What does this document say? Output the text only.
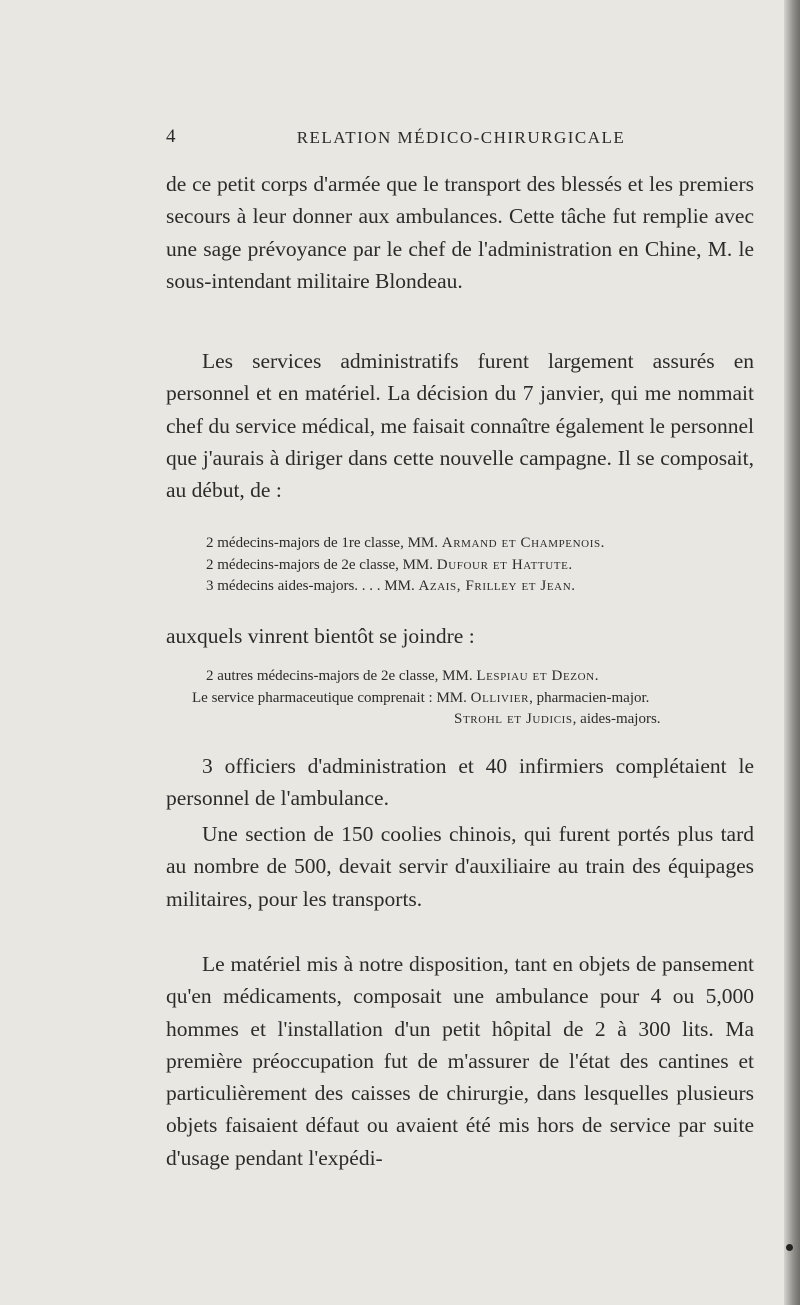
4	RELATION MÉDICO-CHIRURGICALE

de ce petit corps d'armée que le transport des blessés et les premiers secours à leur donner aux ambulances. Cette tâche fut remplie avec une sage prévoyance par le chef de l'administration en Chine, M. le sous-intendant militaire Blondeau.

Les services administratifs furent largement assurés en personnel et en matériel. La décision du 7 janvier, qui me nommait chef du service médical, me faisait connaître également le personnel que j'aurais à diriger dans cette nouvelle campagne. Il se composait, au début, de :

2 médecins-majors de 1re classe, MM. Armand et Champenois.
2 médecins-majors de 2e classe, MM. Dufour et Hattute.
3 médecins aides-majors. . . . MM. Azais, Frilley et Jean.

auxquels vinrent bientôt se joindre :

2 autres médecins-majors de 2e classe, MM. Lespiau et Dezon.
Le service pharmaceutique comprenait : MM. Ollivier, pharmacien-major.
Strohl et Judicis, aides-majors.

3 officiers d'administration et 40 infirmiers complétaient le personnel de l'ambulance.

Une section de 150 coolies chinois, qui furent portés plus tard au nombre de 500, devait servir d'auxiliaire au train des équipages militaires, pour les transports.

Le matériel mis à notre disposition, tant en objets de pansement qu'en médicaments, composait une ambulance pour 4 ou 5,000 hommes et l'installation d'un petit hôpital de 2 à 300 lits. Ma première préoccupation fut de m'assurer de l'état des cantines et particulièrement des caisses de chirurgie, dans lesquelles plusieurs objets faisaient défaut ou avaient été mis hors de service par suite d'usage pendant l'expédi-
